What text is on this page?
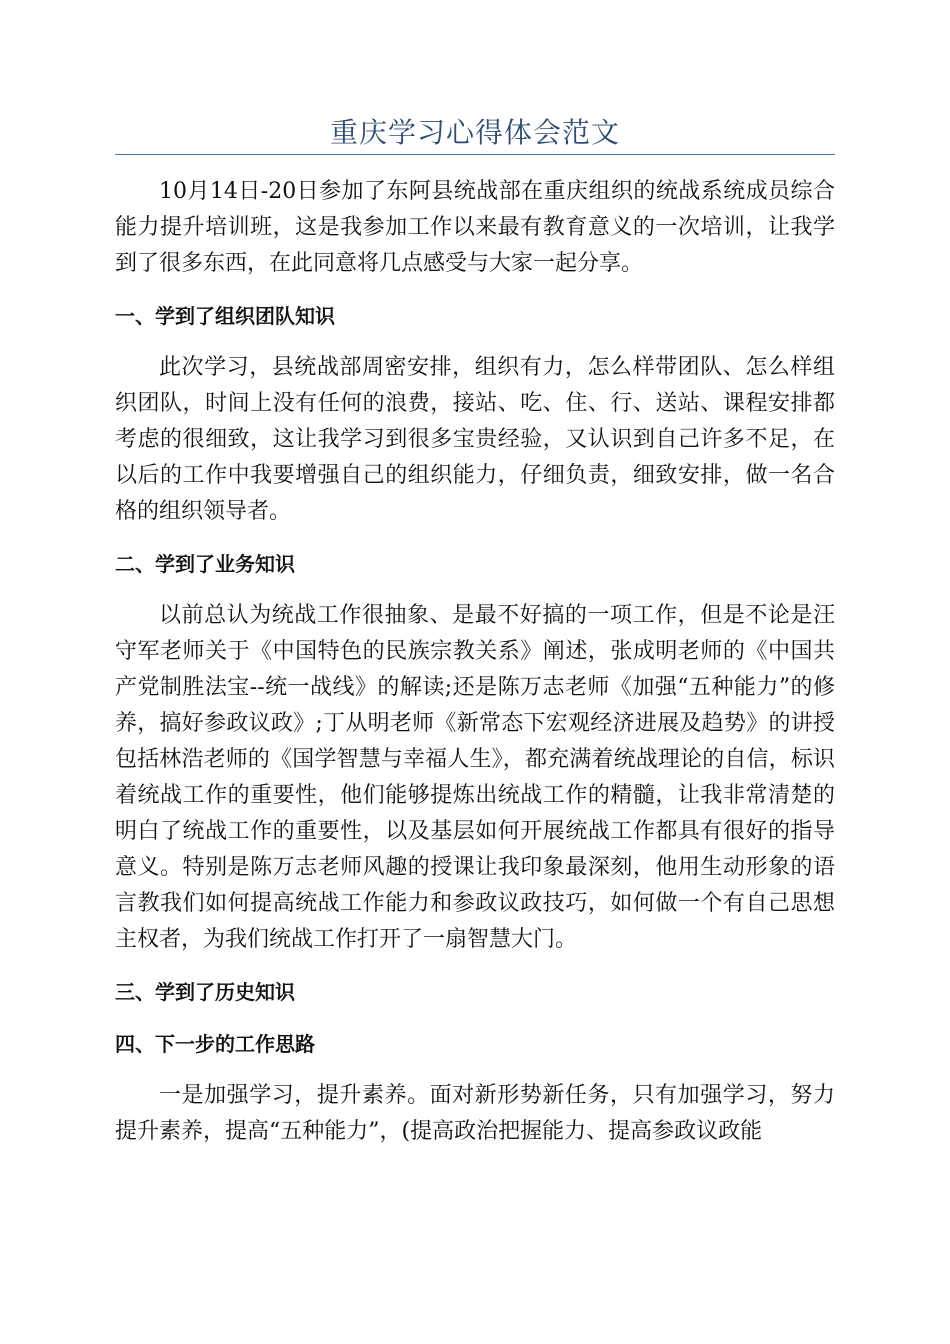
重庆学习心得体会范文

10月14日-20日参加了东阿县统战部在重庆组织的统战系统成员综合能力提升培训班，这是我参加工作以来最有教育意义的一次培训，让我学到了很多东西，在此同意将几点感受与大家一起分享。

一、学到了组织团队知识

此次学习，县统战部周密安排，组织有力，怎么样带团队、怎么样组织团队，时间上没有任何的浪费，接站、吃、住、行、送站、课程安排都考虑的很细致，这让我学习到很多宝贵经验，又认识到自己许多不足，在以后的工作中我要增强自己的组织能力，仔细负责，细致安排，做一名合格的组织领导者。

二、学到了业务知识

以前总认为统战工作很抽象、是最不好搞的一项工作，但是不论是汪守军老师关于《中国特色的民族宗教关系》阐述，张成明老师的《中国共产党制胜法宝--统一战线》的解读;还是陈万志老师《加强“五种能力”的修养，搞好参政议政》;丁从明老师《新常态下宏观经济进展及趋势》的讲授包括林浩老师的《国学智慧与幸福人生》，都充满着统战理论的自信，标识着统战工作的重要性，他们能够提炼出统战工作的精髓，让我非常清楚的明白了统战工作的重要性，以及基层如何开展统战工作都具有很好的指导意义。特别是陈万志老师风趣的授课让我印象最深刻，他用生动形象的语言教我们如何提高统战工作能力和参政议政技巧，如何做一个有自己思想主权者，为我们统战工作打开了一扇智慧大门。

三、学到了历史知识
四、下一步的工作思路

一是加强学习，提升素养。面对新形势新任务，只有加强学习，努力提升素养，提高“五种能力”，(提高政治把握能力、提高参政议政能
